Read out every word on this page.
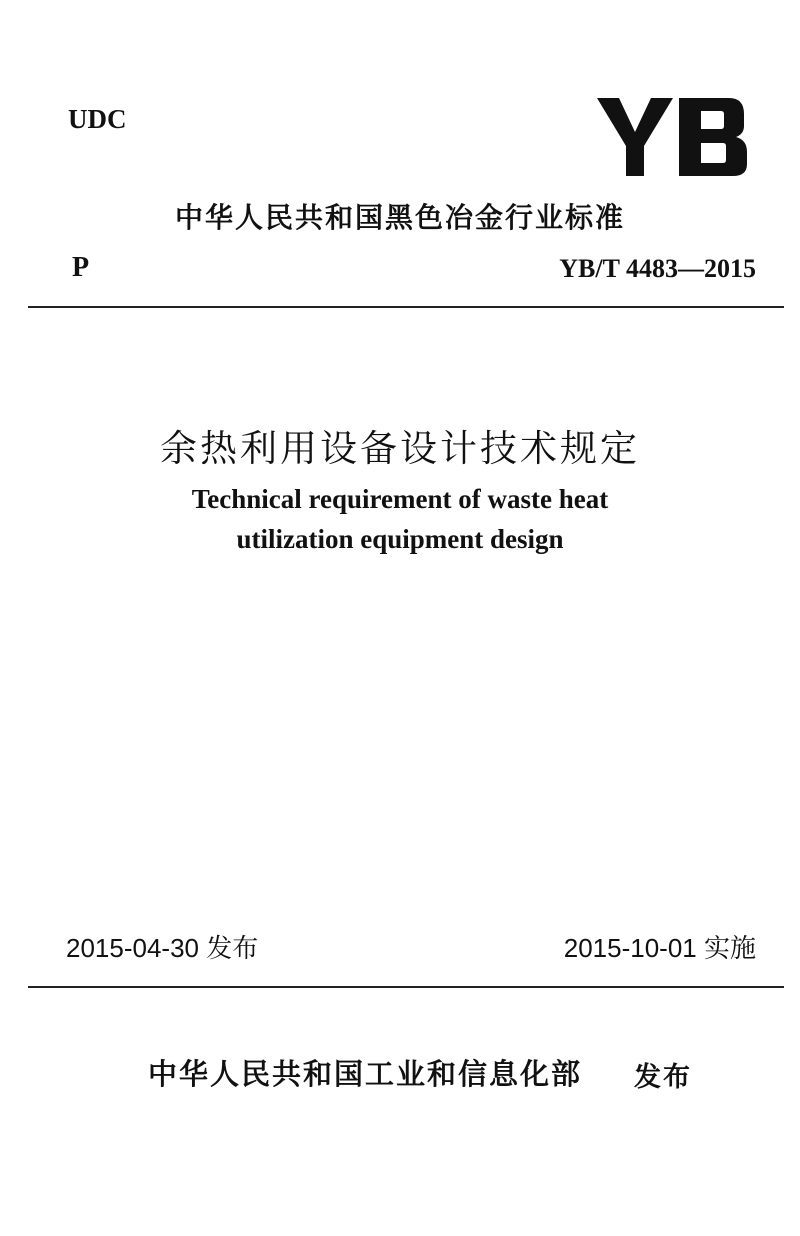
UDC
中华人民共和国黑色冶金行业标准
P	YB/T 4483—2015
余热利用设备设计技术规定
Technical requirement of waste heat
utilization equipment design
2015-04-30 发布	2015-10-01 实施
中华人民共和国工业和信息化部 发布
